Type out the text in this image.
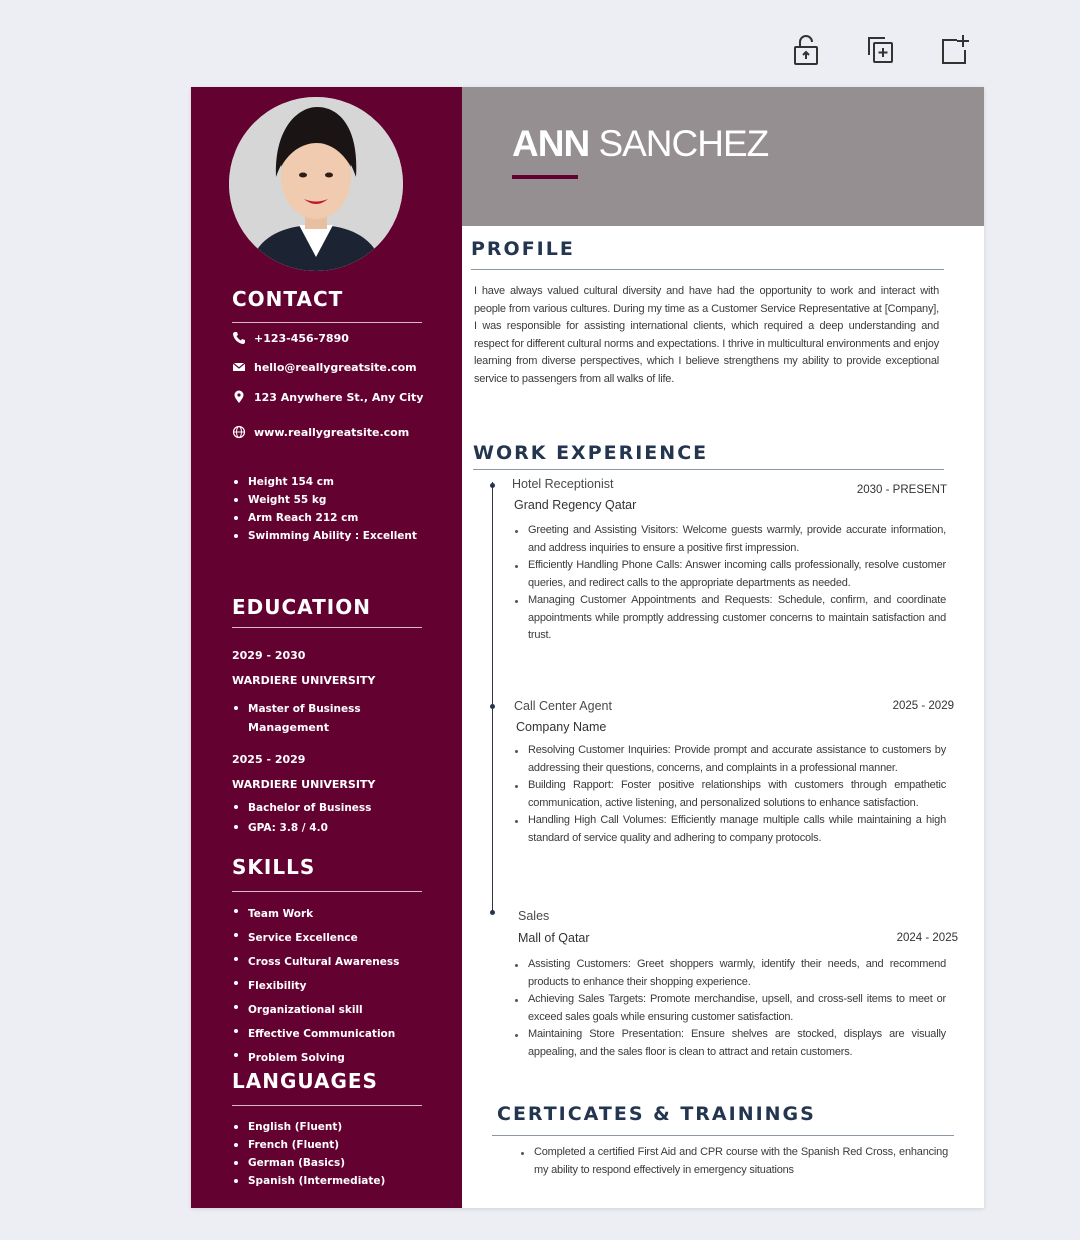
CONTACT
+123-456-7890
hello@reallygreatsite.com
123 Anywhere St., Any City
www.reallygreatsite.com
Height 154 cm
Weight 55 kg
Arm Reach 212 cm
Swimming Ability : Excellent
EDUCATION
2029 - 2030
WARDIERE UNIVERSITY
Master of Business
Management
2025 - 2029
WARDIERE UNIVERSITY
Bachelor of Business
GPA: 3.8 / 4.0
SKILLS
Team Work
Service Excellence
Cross Cultural Awareness
Flexibility
Organizational skill
Effective Communication
Problem Solving
LANGUAGES
English (Fluent)
French (Fluent)
German (Basics)
Spanish (Intermediate)
ANN SANCHEZ
PROFILE

I have always valued cultural diversity and have had the opportunity to work and interact with people from various cultures. During my time as a Customer Service Representative at [Company], I was responsible for assisting international clients, which required a deep understanding and respect for different cultural norms and expectations. I thrive in multicultural environments and enjoy learning from diverse perspectives, which I believe strengthens my ability to provide exceptional service to passengers from all walks of life.

WORK EXPERIENCE
Hotel Receptionist	2030 - PRESENT
Grand Regency Qatar
Greeting and Assisting Visitors: Welcome guests warmly, provide accurate information, and address inquiries to ensure a positive first impression.
Efficiently Handling Phone Calls: Answer incoming calls professionally, resolve customer queries, and redirect calls to the appropriate departments as needed.
Managing Customer Appointments and Requests: Schedule, confirm, and coordinate appointments while promptly addressing customer concerns to maintain satisfaction and trust.
Call Center Agent	2025 - 2029
Company Name
Resolving Customer Inquiries: Provide prompt and accurate assistance to customers by addressing their questions, concerns, and complaints in a professional manner.
Building Rapport: Foster positive relationships with customers through empathetic communication, active listening, and personalized solutions to enhance satisfaction.
Handling High Call Volumes: Efficiently manage multiple calls while maintaining a high standard of service quality and adhering to company protocols.
Sales
2024 - 2025
Mall of Qatar
Assisting Customers: Greet shoppers warmly, identify their needs, and recommend products to enhance their shopping experience.
Achieving Sales Targets: Promote merchandise, upsell, and cross-sell items to meet or exceed sales goals while ensuring customer satisfaction.
Maintaining Store Presentation: Ensure shelves are stocked, displays are visually appealing, and the sales floor is clean to attract and retain customers.
CERTICATES & TRAININGS
Completed a certified First Aid and CPR course with the Spanish Red Cross, enhancing my ability to respond effectively in emergency situations
